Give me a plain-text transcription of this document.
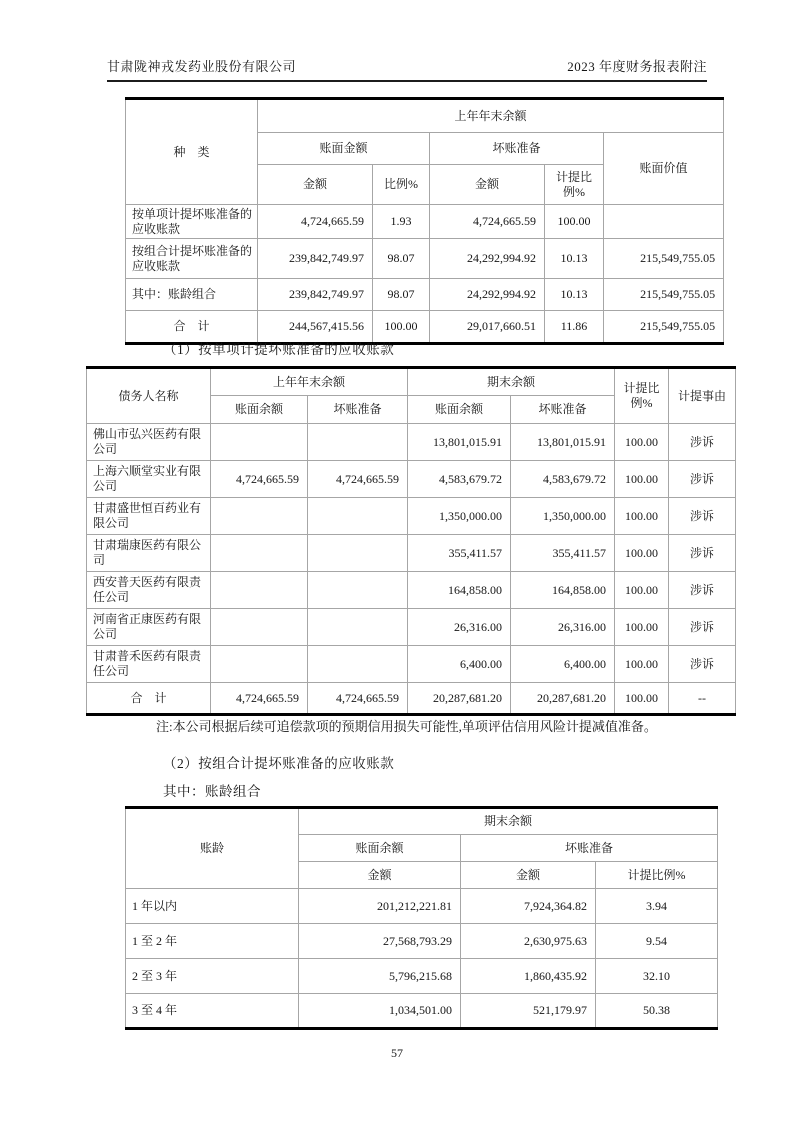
甘肃陇神戎发药业股份有限公司	2023 年度财务报表附注
种　类	上年年末余额				
	账面金额		坏账准备		账面价值
	金额	比例%	金额	计提比例%	
按单项计提坏账准备的应收账款	4,724,665.59	1.93	4,724,665.59	100.00	
按组合计提坏账准备的应收账款	239,842,749.97	98.07	24,292,994.92	10.13	215,549,755.05
其中：账龄组合	239,842,749.97	98.07	24,292,994.92	10.13	215,549,755.05
合　计	244,567,415.56	100.00	29,017,660.51	11.86	215,549,755.05
（1）按单项计提坏账准备的应收账款
债务人名称	上年年末余额		期末余额		计提比例%	计提事由
	账面余额	坏账准备	账面余额	坏账准备		
佛山市弘兴医药有限公司			13,801,015.91	13,801,015.91	100.00	涉诉
上海六顺堂实业有限公司	4,724,665.59	4,724,665.59	4,583,679.72	4,583,679.72	100.00	涉诉
甘肃盛世恒百药业有限公司			1,350,000.00	1,350,000.00	100.00	涉诉
甘肃瑞康医药有限公司			355,411.57	355,411.57	100.00	涉诉
西安普天医药有限责任公司			164,858.00	164,858.00	100.00	涉诉
河南省正康医药有限公司			26,316.00	26,316.00	100.00	涉诉
甘肃普禾医药有限责任公司			6,400.00	6,400.00	100.00	涉诉
合　计	4,724,665.59	4,724,665.59	20,287,681.20	20,287,681.20	100.00	--
注:本公司根据后续可追偿款项的预期信用损失可能性,单项评估信用风险计提减值准备。
（2）按组合计提坏账准备的应收账款
其中：账龄组合
账龄	期末余额		
	账面余额	坏账准备	
	金额	金额	计提比例%
1 年以内	201,212,221.81	7,924,364.82	3.94
1 至 2 年	27,568,793.29	2,630,975.63	9.54
2 至 3 年	5,796,215.68	1,860,435.92	32.10
3 至 4 年	1,034,501.00	521,179.97	50.38
57
